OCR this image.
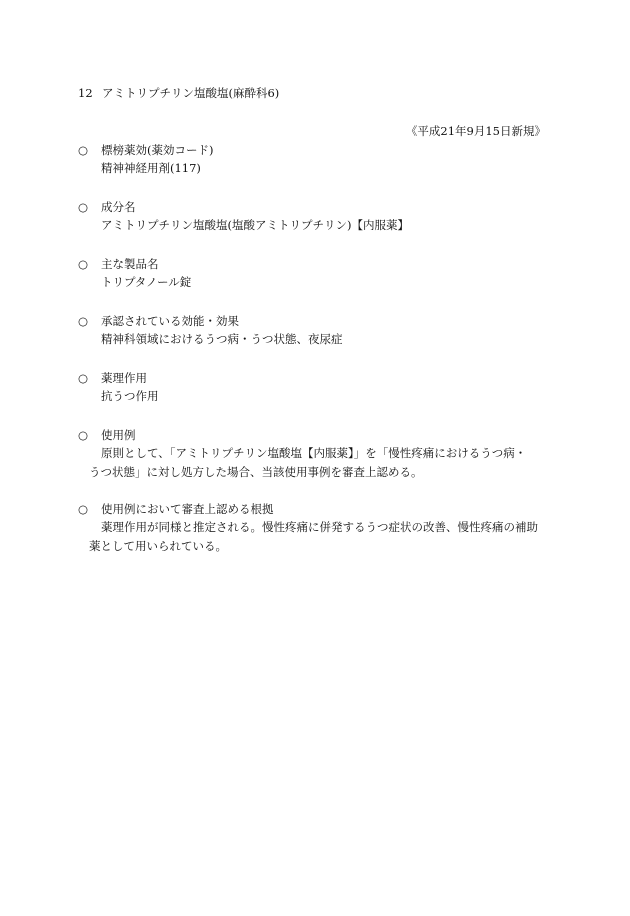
12 アミトリプチリン塩酸塩(麻酔科6)
《平成21年9月15日新規》
○	標榜薬効(薬効コード)
精神神経用剤(117)
○	成分名
アミトリプチリン塩酸塩(塩酸アミトリプチリン)【内服薬】
○	主な製品名
トリプタノール錠
○	承認されている効能・効果
精神科領域におけるうつ病・うつ状態、夜尿症
○	薬理作用
抗うつ作用
○	使用例
原則として、「アミトリプチリン塩酸塩【内服薬】」を「慢性疼痛におけるうつ病・
うつ状態」に対し処方した場合、当該使用事例を審査上認める。
○	使用例において審査上認める根拠
薬理作用が同様と推定される。慢性疼痛に併発するうつ症状の改善、慢性疼痛の補助
薬として用いられている。
